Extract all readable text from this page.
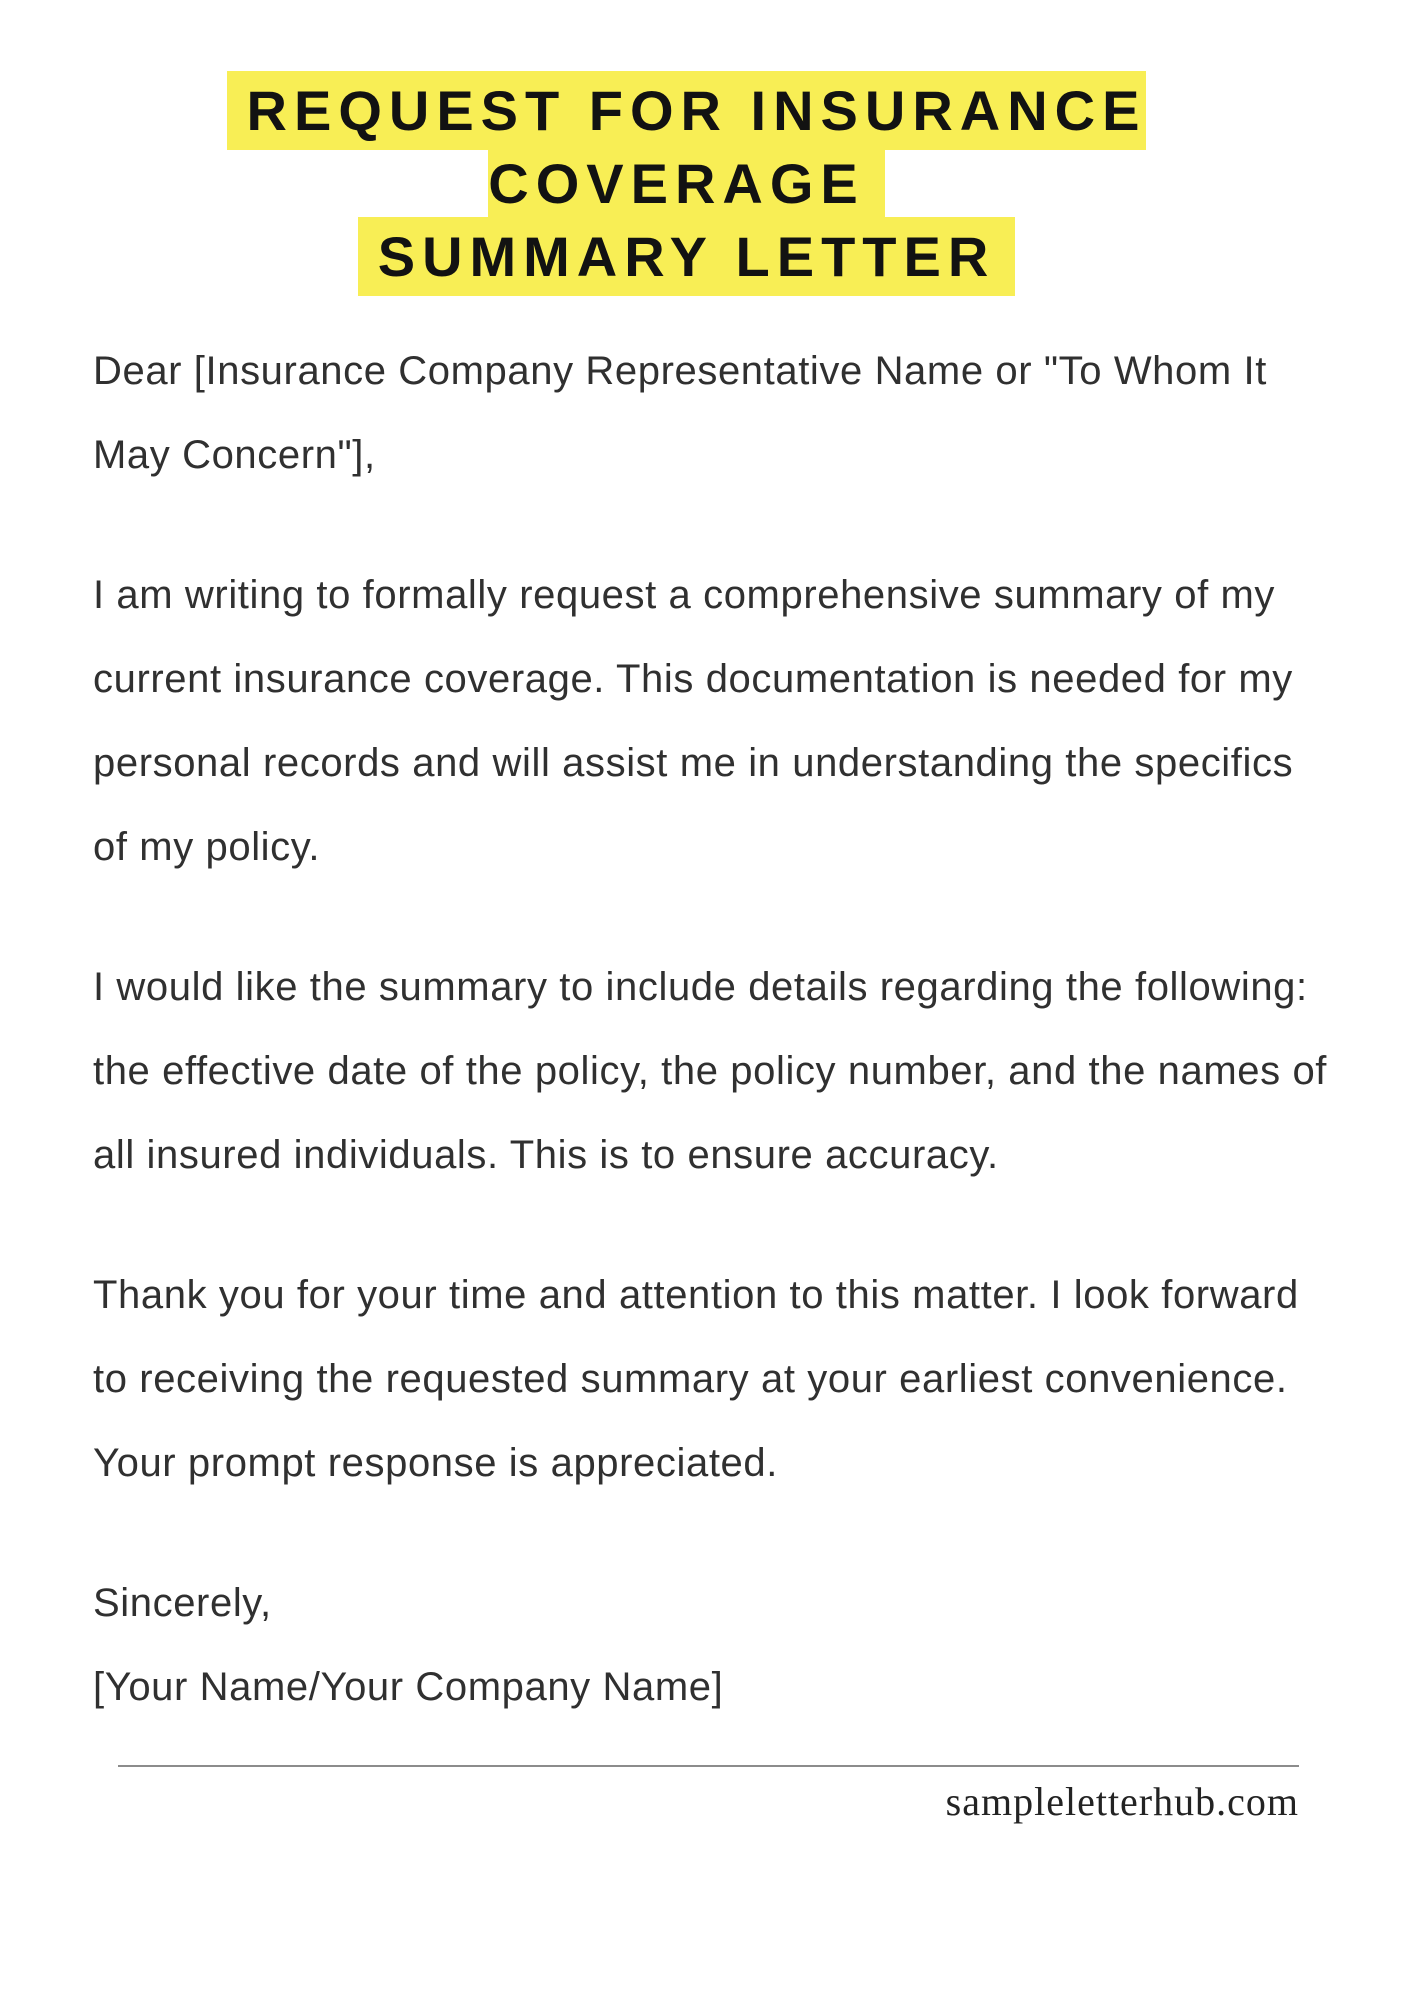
REQUEST FOR INSURANCE COVERAGE
SUMMARY LETTER

Dear [Insurance Company Representative Name or "To Whom It May Concern"],

I am writing to formally request a comprehensive summary of my current insurance coverage. This documentation is needed for my personal records and will assist me in understanding the specifics of my policy.

I would like the summary to include details regarding the following: the effective date of the policy, the policy number, and the names of all insured individuals. This is to ensure accuracy.

Thank you for your time and attention to this matter. I look forward to receiving the requested summary at your earliest convenience. Your prompt response is appreciated.

Sincerely,
[Your Name/Your Company Name]

sampleletterhub.com
